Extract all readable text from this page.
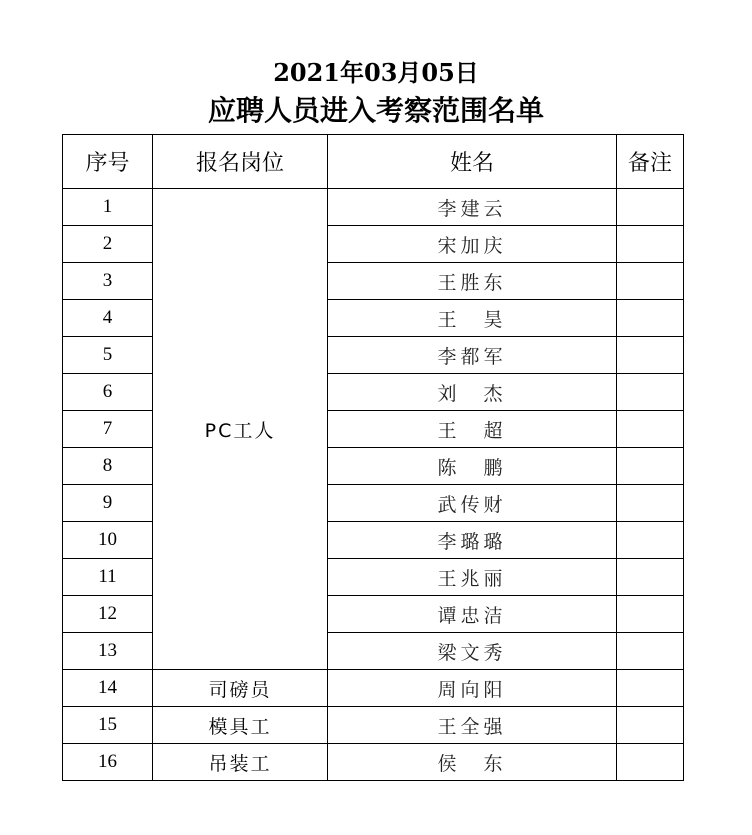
2021年03月05日
应聘人员进入考察范围名单
序号	报名岗位	姓名	备注
1	PC工人	李建云	
2		宋加庆	
3		王胜东	
4		王　昊	
5		李都军	
6		刘　杰	
7		王　超	
8		陈　鹏	
9		武传财	
10		李璐璐	
11		王兆丽	
12		谭忠洁	
13		梁文秀	
14	司磅员	周向阳	
15	模具工	王全强	
16	吊装工	侯　东	
